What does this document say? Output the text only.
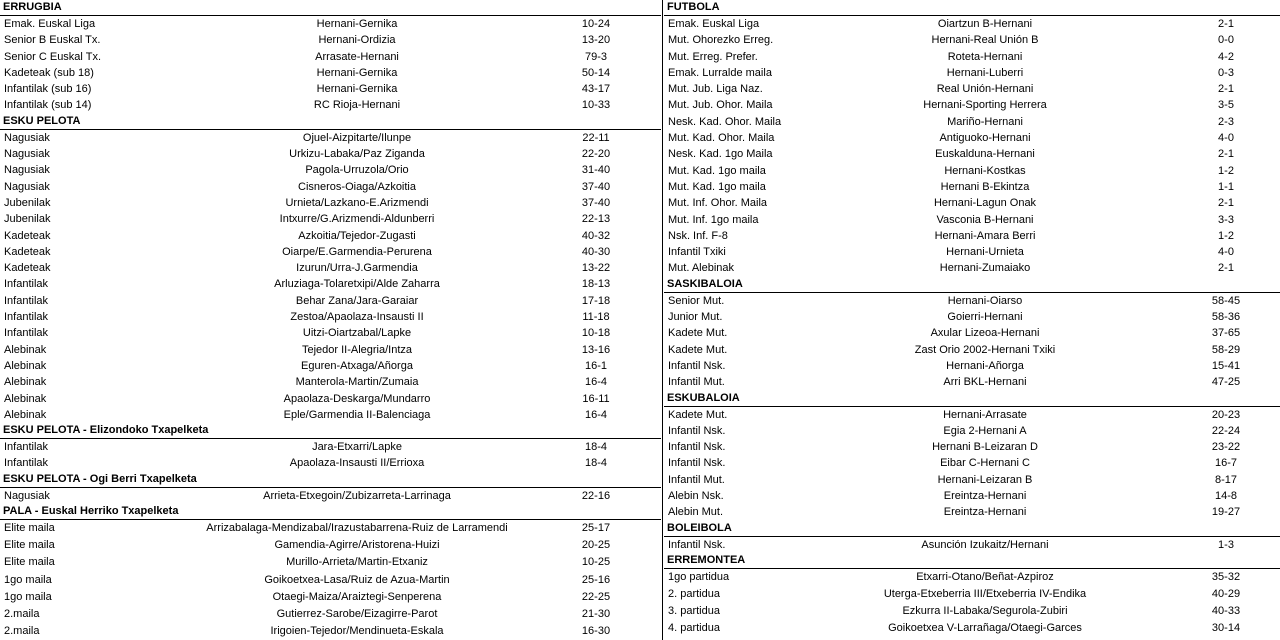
ERRUGBIA
Emak. Euskal Liga	Hernani-Gernika	10-24
Senior B Euskal Tx.	Hernani-Ordizia	13-20
Senior C Euskal Tx.	Arrasate-Hernani	79-3
Kadeteak (sub 18)	Hernani-Gernika	50-14
Infantilak (sub 16)	Hernani-Gernika	43-17
Infantilak (sub 14)	RC Rioja-Hernani	10-33
ESKU PELOTA
Nagusiak	Ojuel-Aizpitarte/Ilunpe	22-11
Nagusiak	Urkizu-Labaka/Paz Ziganda	22-20
Nagusiak	Pagola-Urruzola/Orio	31-40
Nagusiak	Cisneros-Oiaga/Azkoitia	37-40
Jubenilak	Urnieta/Lazkano-E.Arizmendi	37-40
Jubenilak	Intxurre/G.Arizmendi-Aldunberri	22-13
Kadeteak	Azkoitia/Tejedor-Zugasti	40-32
Kadeteak	Oiarpe/E.Garmendia-Perurena	40-30
Kadeteak	Izurun/Urra-J.Garmendia	13-22
Infantilak	Arluziaga-Tolaretxipi/Alde Zaharra	18-13
Infantilak	Behar Zana/Jara-Garaiar	17-18
Infantilak	Zestoa/Apaolaza-Insausti II	11-18
Infantilak	Uitzi-Oiartzabal/Lapke	10-18
Alebinak	Tejedor II-Alegria/Intza	13-16
Alebinak	Eguren-Atxaga/Añorga	16-1
Alebinak	Manterola-Martin/Zumaia	16-4
Alebinak	Apaolaza-Deskarga/Mundarro	16-11
Alebinak	Eple/Garmendia II-Balenciaga	16-4
ESKU PELOTA - Elizondoko Txapelketa
Infantilak	Jara-Etxarri/Lapke	18-4
Infantilak	Apaolaza-Insausti II/Errioxa	18-4
ESKU PELOTA - Ogi Berri Txapelketa
Nagusiak	Arrieta-Etxegoin/Zubizarreta-Larrinaga	22-16
PALA - Euskal Herriko Txapelketa
Elite maila	Arrizabalaga-Mendizabal/Irazustabarrena-Ruiz de Larramendi	25-17
Elite maila	Gamendia-Agirre/Aristorena-Huizi	20-25
Elite maila	Murillo-Arrieta/Martin-Etxaniz	10-25
1go maila	Goikoetxea-Lasa/Ruiz de Azua-Martin	25-16
1go maila	Otaegi-Maiza/Araiztegi-Senperena	22-25
2.maila	Gutierrez-Sarobe/Eizagirre-Parot	21-30
2.maila	Irigoien-Tejedor/Mendinueta-Eskala	16-30
FUTBOLA
Emak. Euskal Liga	Oiartzun B-Hernani	2-1
Mut. Ohorezko Erreg.	Hernani-Real Unión B	0-0
Mut. Erreg. Prefer.	Roteta-Hernani	4-2
Emak. Lurralde maila	Hernani-Luberri	0-3
Mut. Jub. Liga Naz.	Real Unión-Hernani	2-1
Mut. Jub. Ohor. Maila	Hernani-Sporting Herrera	3-5
Nesk. Kad. Ohor. Maila	Mariño-Hernani	2-3
Mut. Kad. Ohor. Maila	Antiguoko-Hernani	4-0
Nesk. Kad. 1go Maila	Euskalduna-Hernani	2-1
Mut. Kad. 1go maila	Hernani-Kostkas	1-2
Mut. Kad. 1go maila	Hernani B-Ekintza	1-1
Mut. Inf. Ohor. Maila	Hernani-Lagun Onak	2-1
Mut. Inf. 1go maila	Vasconia B-Hernani	3-3
Nsk. Inf. F-8	Hernani-Amara Berri	1-2
Infantil Txiki	Hernani-Urnieta	4-0
Mut. Alebinak	Hernani-Zumaiako	2-1
SASKIBALOIA
Senior Mut.	Hernani-Oiarso	58-45
Junior Mut.	Goierri-Hernani	58-36
Kadete Mut.	Axular Lizeoa-Hernani	37-65
Kadete Mut.	Zast Orio 2002-Hernani Txiki	58-29
Infantil Nsk.	Hernani-Añorga	15-41
Infantil Mut.	Arri BKL-Hernani	47-25
ESKUBALOIA
Kadete Mut.	Hernani-Arrasate	20-23
Infantil Nsk.	Egia 2-Hernani A	22-24
Infantil Nsk.	Hernani B-Leizaran D	23-22
Infantil Nsk.	Eibar C-Hernani C	16-7
Infantil Mut.	Hernani-Leizaran B	8-17
Alebin Nsk.	Ereintza-Hernani	14-8
Alebin Mut.	Ereintza-Hernani	19-27
BOLEIBOLA
Infantil Nsk.	Asunción Izukaitz/Hernani	1-3
ERREMONTEA
1go partidua	Etxarri-Otano/Beñat-Azpiroz	35-32
2. partidua	Uterga-Etxeberria III/Etxeberria IV-Endika	40-29
3. partidua	Ezkurra II-Labaka/Segurola-Zubiri	40-33
4. partidua	Goikoetxea V-Larrañaga/Otaegi-Garces	30-14
